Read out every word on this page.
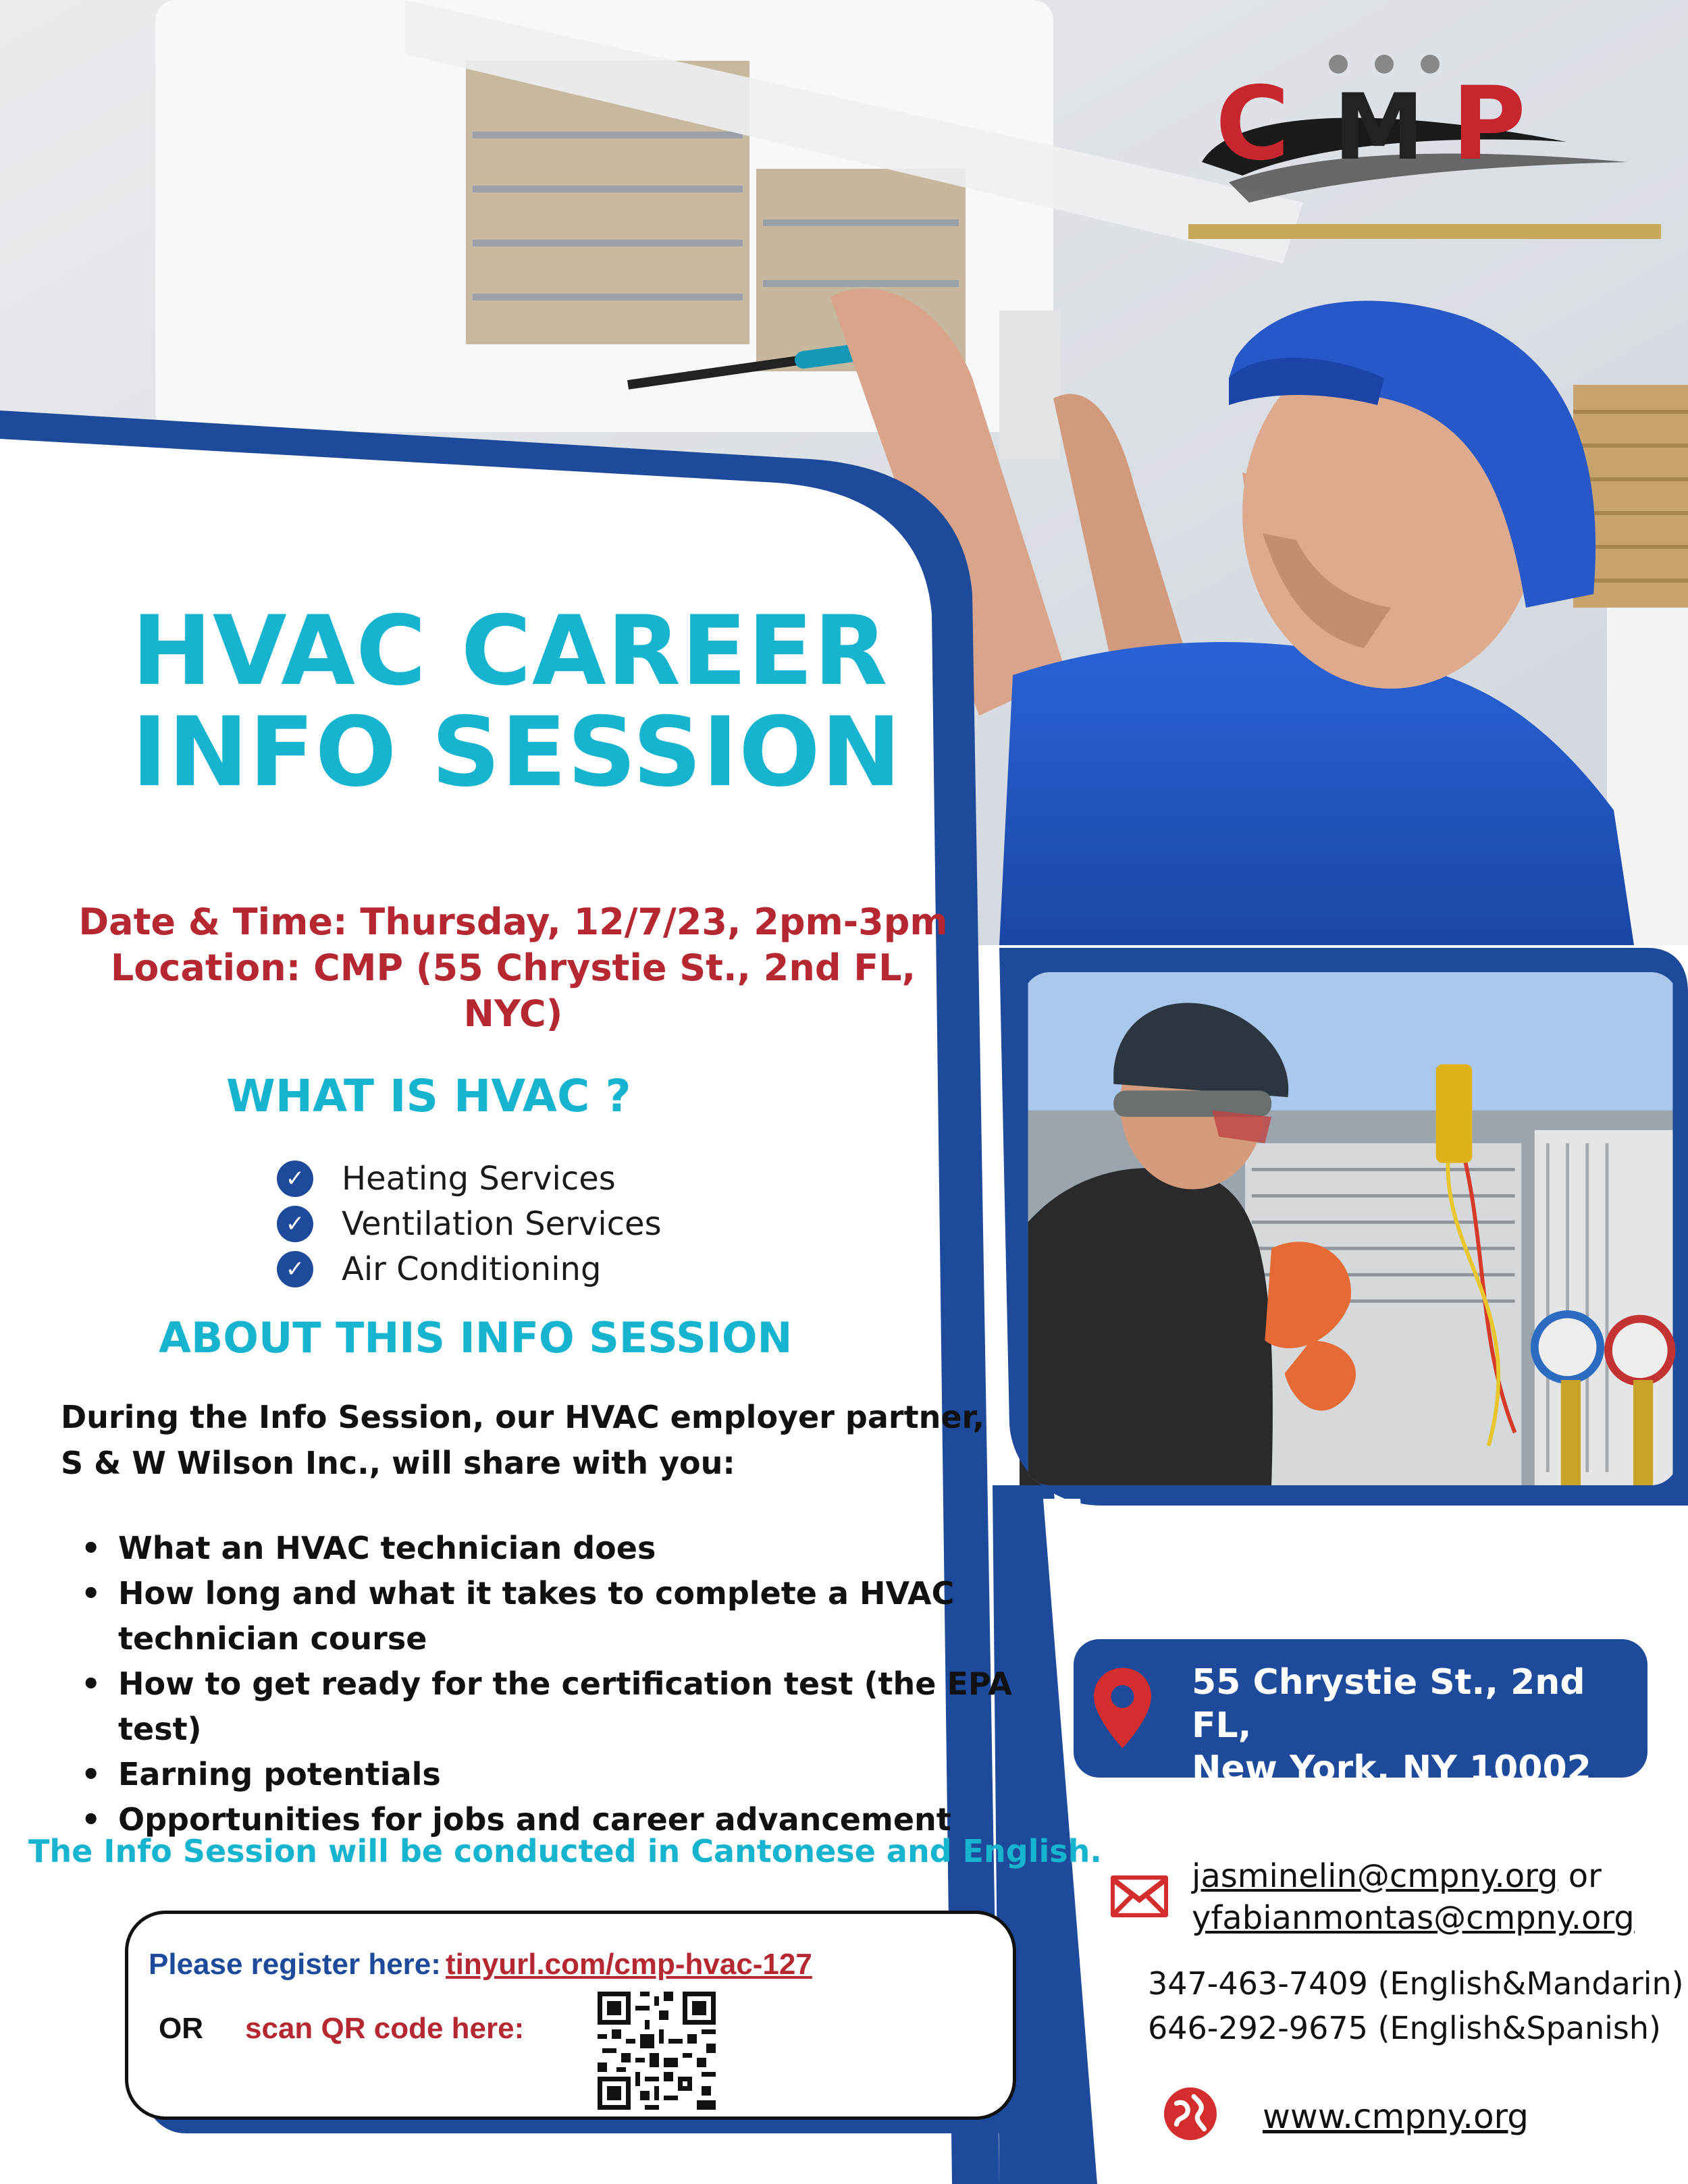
C M P
HVAC CAREER
INFO SESSION
Date & Time: Thursday, 12/7/23, 2pm-3pm
Location: CMP (55 Chrystie St., 2nd FL, NYC)
WHAT IS HVAC ?
✓ Heating Services
✓ Ventilation Services
✓ Air Conditioning
ABOUT THIS INFO SESSION
During the Info Session, our HVAC employer partner,
S & W Wilson Inc., will share with you:
• What an HVAC technician does
• How long and what it takes to complete a HVAC technician course
• How to get ready for the certification test (the EPA test)
• Earning potentials
• Opportunities for jobs and career advancement
The Info Session will be conducted in Cantonese and English.
Please register here: tinyurl.com/cmp-hvac-127
OR scan QR code here:
55 Chrystie St., 2nd FL,
New York, NY 10002
jasminelin@cmpny.org or
yfabianmontas@cmpny.org
347-463-7409 (English&Mandarin)
646-292-9675 (English&Spanish)
www.cmpny.org
